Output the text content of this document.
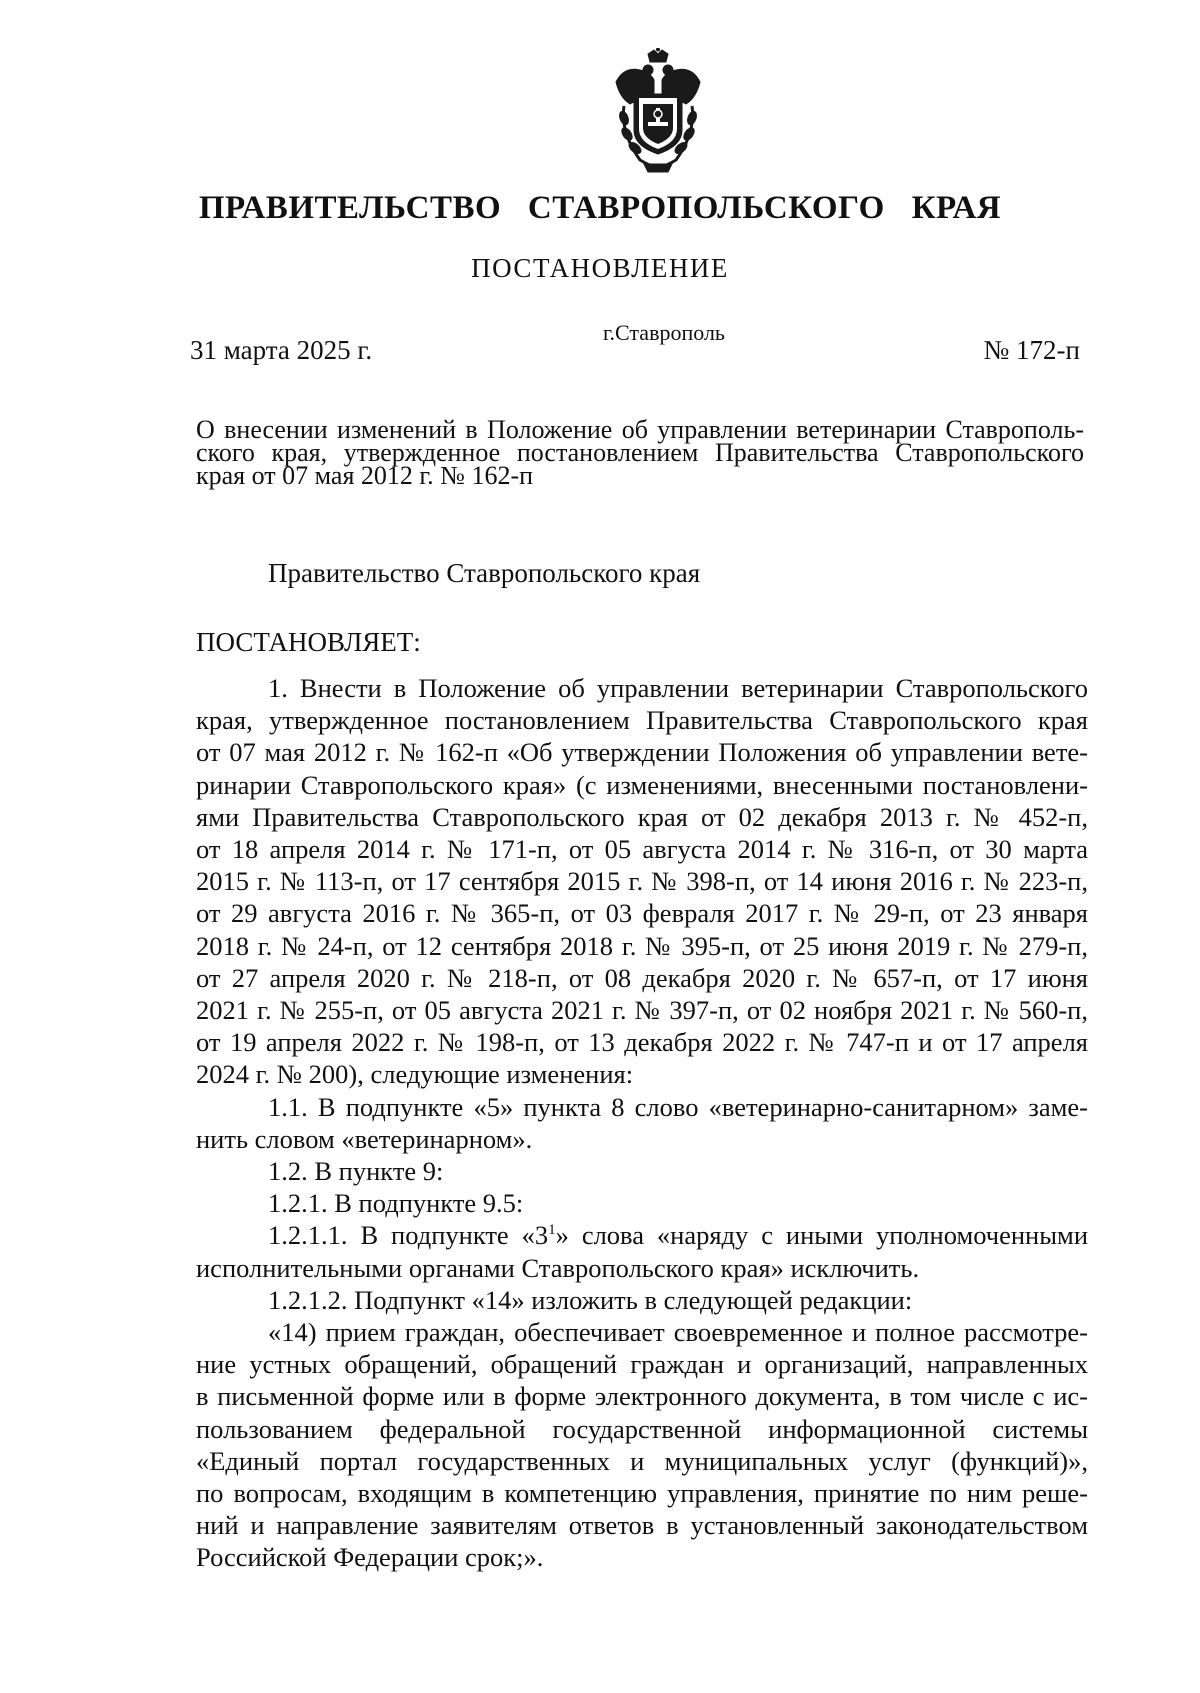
ПРАВИТЕЛЬСТВО СТАВРОПОЛЬСКОГО КРАЯ
ПОСТАНОВЛЕНИЕ
31 марта 2025 г.
г.Ставрополь
№ 172-п
О внесении изменений в Положение об управлении ветеринарии Ставрополь-
ского края, утвержденное постановлением Правительства Ставропольского
края от 07 мая 2012 г. № 162-п
Правительство Ставропольского края
ПОСТАНОВЛЯЕТ:
1. Внести в Положение об управлении ветеринарии Ставропольского
края, утвержденное постановлением Правительства Ставропольского края
от 07 мая 2012 г. № 162-п «Об утверждении Положения об управлении вете-
ринарии Ставропольского края» (с изменениями, внесенными постановлени-
ями Правительства Ставропольского края от 02 декабря 2013 г. № 452-п,
от 18 апреля 2014 г. № 171-п, от 05 августа 2014 г. № 316-п, от 30 марта
2015 г. № 113-п, от 17 сентября 2015 г. № 398-п, от 14 июня 2016 г. № 223-п,
от 29 августа 2016 г. № 365-п, от 03 февраля 2017 г. № 29-п, от 23 января
2018 г. № 24-п, от 12 сентября 2018 г. № 395-п, от 25 июня 2019 г. № 279-п,
от 27 апреля 2020 г. № 218-п, от 08 декабря 2020 г. № 657-п, от 17 июня
2021 г. № 255-п, от 05 августа 2021 г. № 397-п, от 02 ноября 2021 г. № 560-п,
от 19 апреля 2022 г. № 198-п, от 13 декабря 2022 г. № 747-п и от 17 апреля
2024 г. № 200), следующие изменения:
1.1. В подпункте «5» пункта 8 слово «ветеринарно-санитарном» заме-
нить словом «ветеринарном».
1.2. В пункте 9:
1.2.1. В подпункте 9.5:
1.2.1.1. В подпункте «$3^1$» слова «наряду с иными уполномоченными
исполнительными органами Ставропольского края» исключить.
1.2.1.2. Подпункт «14» изложить в следующей редакции:
«14) прием граждан, обеспечивает своевременное и полное рассмотре-
ние устных обращений, обращений граждан и организаций, направленных
в письменной форме или в форме электронного документа, в том числе с ис-
пользованием федеральной государственной информационной системы
«Единый портал государственных и муниципальных услуг (функций)»,
по вопросам, входящим в компетенцию управления, принятие по ним реше-
ний и направление заявителям ответов в установленный законодательством
Российской Федерации срок;».
